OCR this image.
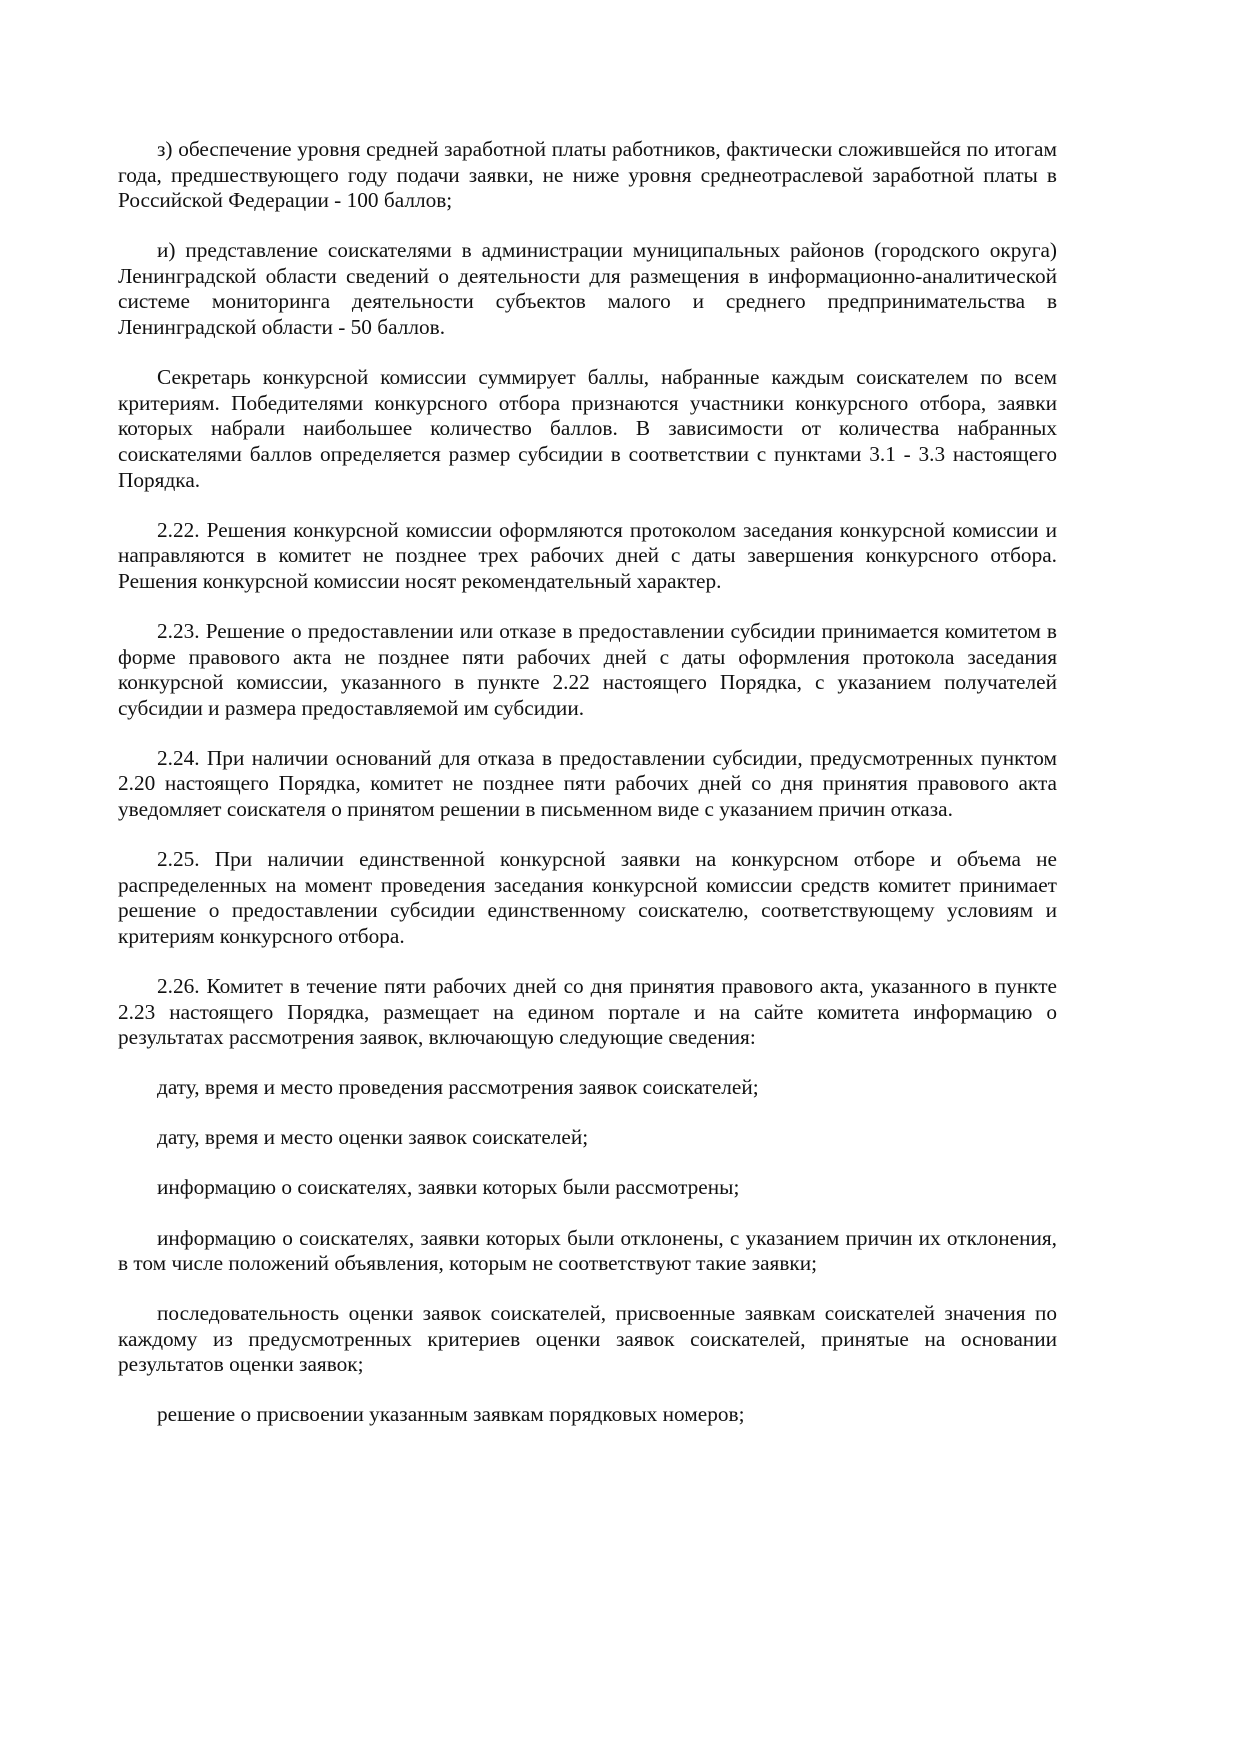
з) обеспечение уровня средней заработной платы работников, фактически сложившейся по итогам года, предшествующего году подачи заявки, не ниже уровня среднеотраслевой заработной платы в Российской Федерации - 100 баллов;

и) представление соискателями в администрации муниципальных районов (городского округа) Ленинградской области сведений о деятельности для размещения в информационно-аналитической системе мониторинга деятельности субъектов малого и среднего предпринимательства в Ленинградской области - 50 баллов.

Секретарь конкурсной комиссии суммирует баллы, набранные каждым соискателем по всем критериям. Победителями конкурсного отбора признаются участники конкурсного отбора, заявки которых набрали наибольшее количество баллов. В зависимости от количества набранных соискателями баллов определяется размер субсидии в соответствии с пунктами 3.1 - 3.3 настоящего Порядка.

2.22. Решения конкурсной комиссии оформляются протоколом заседания конкурсной комиссии и направляются в комитет не позднее трех рабочих дней с даты завершения конкурсного отбора. Решения конкурсной комиссии носят рекомендательный характер.

2.23. Решение о предоставлении или отказе в предоставлении субсидии принимается комитетом в форме правового акта не позднее пяти рабочих дней с даты оформления протокола заседания конкурсной комиссии, указанного в пункте 2.22 настоящего Порядка, с указанием получателей субсидии и размера предоставляемой им субсидии.

2.24. При наличии оснований для отказа в предоставлении субсидии, предусмотренных пунктом 2.20 настоящего Порядка, комитет не позднее пяти рабочих дней со дня принятия правового акта уведомляет соискателя о принятом решении в письменном виде с указанием причин отказа.

2.25. При наличии единственной конкурсной заявки на конкурсном отборе и объема не распределенных на момент проведения заседания конкурсной комиссии средств комитет принимает решение о предоставлении субсидии единственному соискателю, соответствующему условиям и критериям конкурсного отбора.

2.26. Комитет в течение пяти рабочих дней со дня принятия правового акта, указанного в пункте 2.23 настоящего Порядка, размещает на едином портале и на сайте комитета информацию о результатах рассмотрения заявок, включающую следующие сведения:

дату, время и место проведения рассмотрения заявок соискателей;

дату, время и место оценки заявок соискателей;

информацию о соискателях, заявки которых были рассмотрены;

информацию о соискателях, заявки которых были отклонены, с указанием причин их отклонения, в том числе положений объявления, которым не соответствуют такие заявки;

последовательность оценки заявок соискателей, присвоенные заявкам соискателей значения по каждому из предусмотренных критериев оценки заявок соискателей, принятые на основании результатов оценки заявок;

решение о присвоении указанным заявкам порядковых номеров;
